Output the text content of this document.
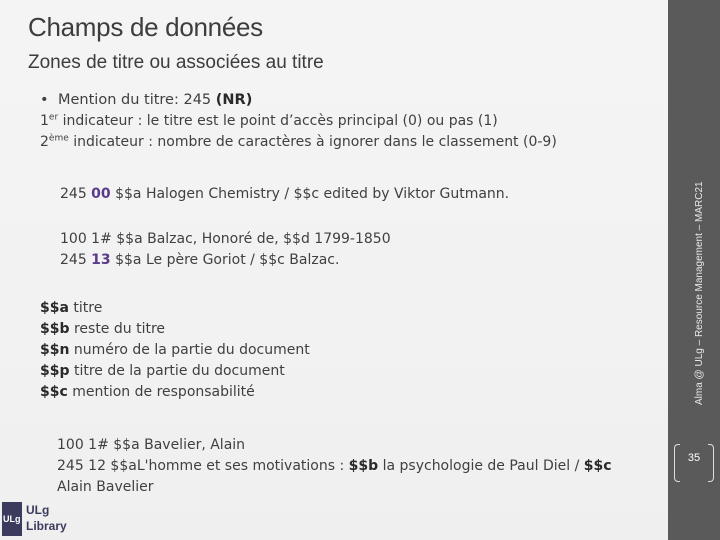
Champs de données
Zones de titre ou associées au titre
• Mention du titre: 245 (NR)
1er indicateur : le titre est le point d’accès principal (0) ou pas (1)
2ème indicateur : nombre de caractères à ignorer dans le classement (0-9)
245 00 $$a Halogen Chemistry / $$c edited by Viktor Gutmann.
100 1# $$a Balzac, Honoré de, $$d 1799-1850
245 13 $$a Le père Goriot / $$c Balzac.
$$a titre
$$b reste du titre
$$n numéro de la partie du document
$$p titre de la partie du document
$$c mention de responsabilité
100 1# $$a Bavelier, Alain
245 12 $$aL'homme et ses motivations : $$b la psychologie de Paul Diel / $$c
Alain Bavelier
Alma @ ULg – Resource Management – MARC21
35
ULg
ULg
Library
